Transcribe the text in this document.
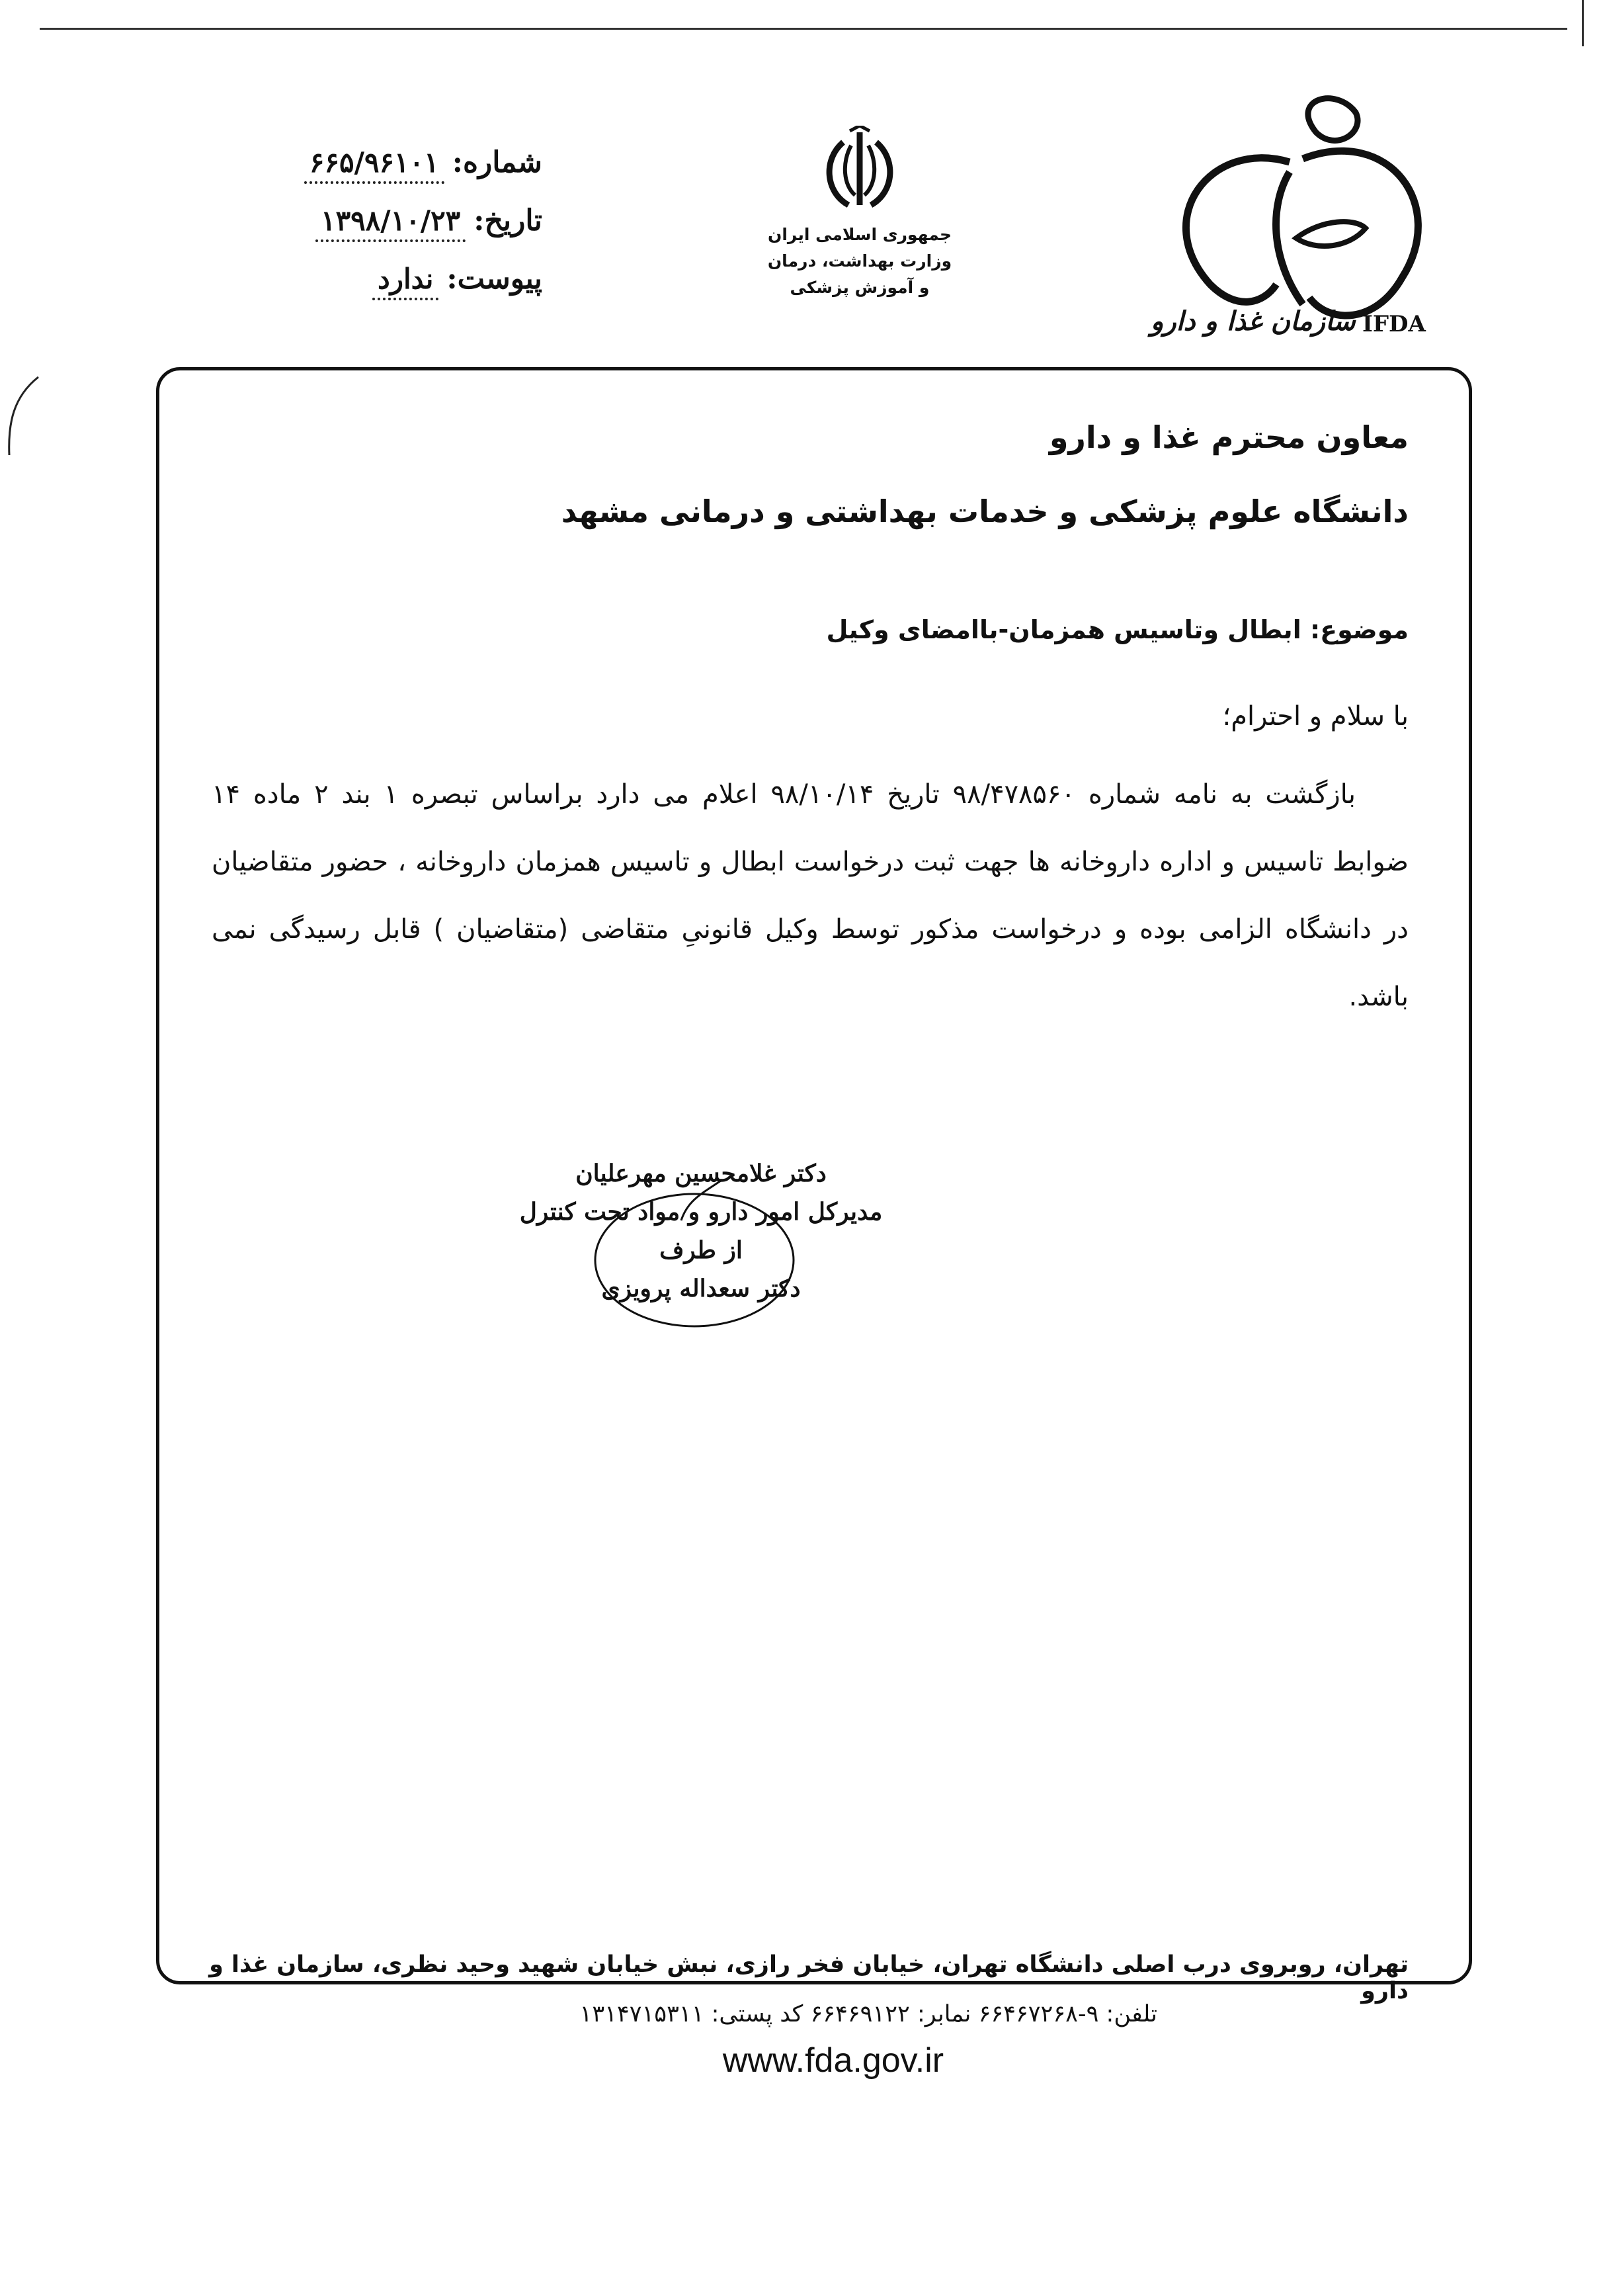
سازمان غذا و دارو IFDA
جمهوری اسلامی ایران
وزارت بهداشت، درمان
و آموزش پزشکی
شماره:
۶۶۵/۹۶۱۰۱
تاریخ:
۱۳۹۸/۱۰/۲۳
پیوست:
ندارد
معاون محترم غذا و دارو
دانشگاه علوم پزشکی و خدمات بهداشتی و درمانی مشهد
موضوع: ابطال وتاسیس همزمان-باامضای وکیل
با سلام و احترام؛
بازگشت به نامه شماره ۹۸/۴۷۸۵۶۰ تاریخ ۹۸/۱۰/۱۴ اعلام می دارد براساس تبصره ۱ بند ۲ ماده ۱۴ ضوابط تاسیس و اداره داروخانه ها جهت ثبت درخواست ابطال و تاسیس همزمان داروخانه ، حضور متقاضیان در دانشگاه الزامی بوده و درخواست مذکور توسط وکیل قانونیِ متقاضی (متقاضیان ) قابل رسیدگی نمی باشد.
دکتر غلامحسین مهرعلیان
مدیرکل امور دارو و مواد تحت کنترل
از طرف
دکتر سعداله پرویزی
تهران، روبروی درب اصلی دانشگاه تهران، خیابان فخر رازی، نبش خیابان شهید وحید نظری، سازمان غذا و دارو
تلفن: ۹-۶۶۴۶۷۲۶۸ نمابر: ۶۶۴۶۹۱۲۲ کد پستی: ۱۳۱۴۷۱۵۳۱۱
www.fda.gov.ir
